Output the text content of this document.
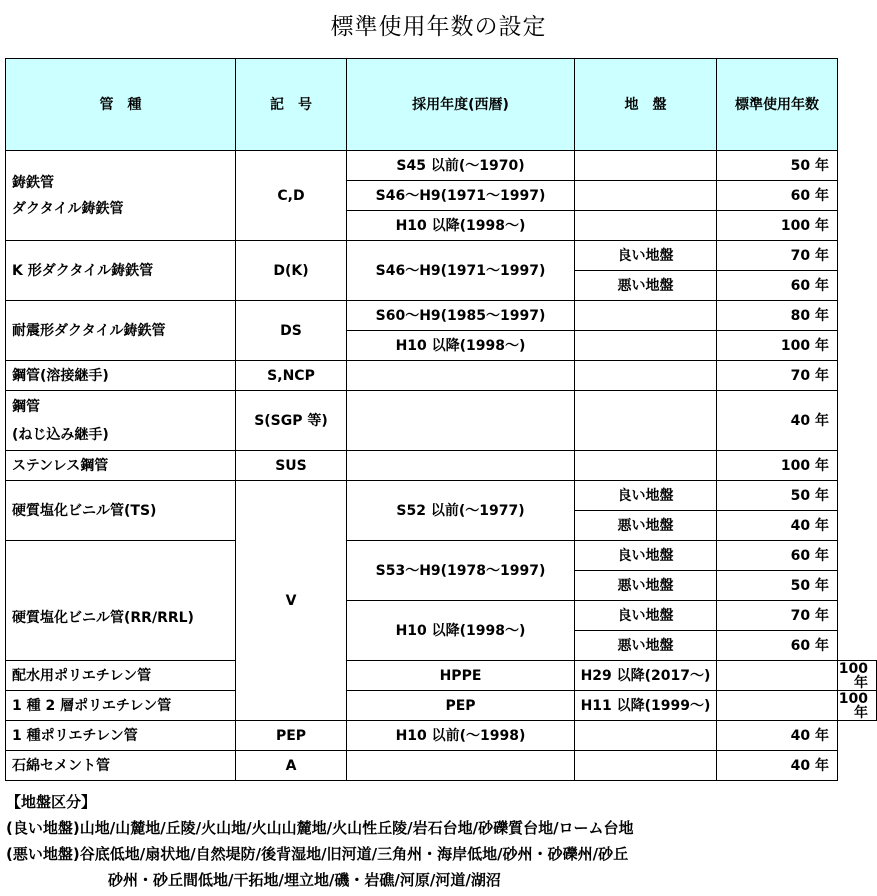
標準使用年数の設定
管　種	記　号	採用年度(西暦)	地　盤	標準使用年数	

鋳鉄管
ダクタイル鋳鉄管	C,D	S45 以前(～1970)		50 年	
		S46～H9(1971～1997)		60 年	
		H10 以降(1998～)		100 年	
K 形ダクタイル鋳鉄管	D(K)	S46～H9(1971～1997)	良い地盤	70 年	
			悪い地盤	60 年	
耐震形ダクタイル鋳鉄管	DS	S60～H9(1985～1997)		80 年	
		H10 以降(1998～)		100 年	
鋼管(溶接継手)	S,NCP			70 年	

鋼管
(ねじ込み継手)	S(SGP 等)			40 年	
ステンレス鋼管	SUS			100 年	
硬質塩化ビニル管(TS)	V	S52 以前(～1977)	良い地盤	50 年	
			悪い地盤	40 年	
硬質塩化ビニル管(RR/RRL)		S53～H9(1978～1997)	良い地盤	60 年	
			悪い地盤	50 年	
		H10 以降(1998～)	良い地盤	70 年	
			悪い地盤	60 年	
配水用ポリエチレン管		HPPE	H29 以降(2017～)		100 年
1 種 2 層ポリエチレン管		PEP	H11 以降(1999～)		100 年
1 種ポリエチレン管	PEP	H10 以前(～1998)		40 年	
石綿セメント管	A			40 年	
【地盤区分】
(良い地盤)山地/山麓地/丘陵/火山地/火山山麓地/火山性丘陵/岩石台地/砂礫質台地/ローム台地
(悪い地盤)谷底低地/扇状地/自然堤防/後背湿地/旧河道/三角州・海岸低地/砂州・砂礫州/砂丘
砂州・砂丘間低地/干拓地/埋立地/磯・岩礁/河原/河道/湖沼
